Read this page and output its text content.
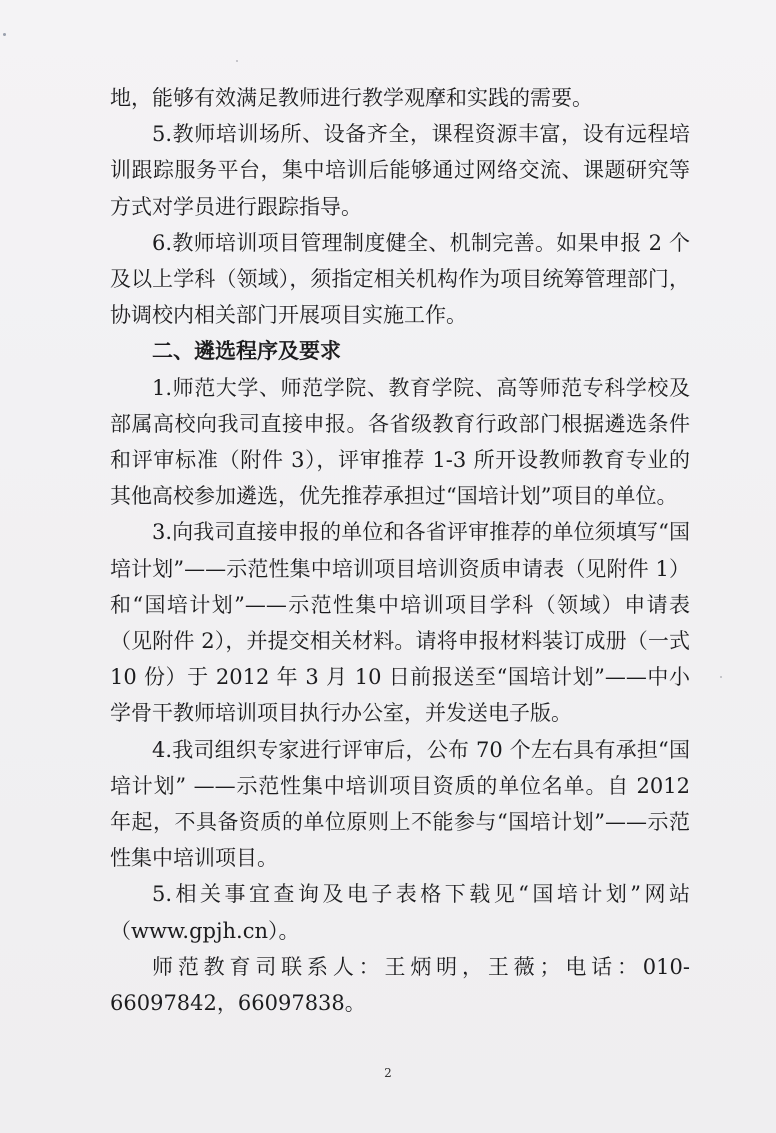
地，能够有效满足教师进行教学观摩和实践的需要。

5.教师培训场所、设备齐全，课程资源丰富，设有远程培训跟踪服务平台，集中培训后能够通过网络交流、课题研究等方式对学员进行跟踪指导。

6.教师培训项目管理制度健全、机制完善。如果申报 2 个及以上学科（领域），须指定相关机构作为项目统筹管理部门，协调校内相关部门开展项目实施工作。

二、遴选程序及要求

1.师范大学、师范学院、教育学院、高等师范专科学校及部属高校向我司直接申报。各省级教育行政部门根据遴选条件和评审标准（附件 3），评审推荐 1-3 所开设教师教育专业的其他高校参加遴选，优先推荐承担过“国培计划”项目的单位。

3.向我司直接申报的单位和各省评审推荐的单位须填写“国培计划”——示范性集中培训项目培训资质申请表（见附件 1）和“国培计划”——示范性集中培训项目学科（领域）申请表（见附件 2），并提交相关材料。请将申报材料装订成册（一式 10 份）于 2012 年 3 月 10 日前报送至“国培计划”——中小学骨干教师培训项目执行办公室，并发送电子版。

4.我司组织专家进行评审后，公布 70 个左右具有承担“国培计划” ——示范性集中培训项目资质的单位名单。自 2012 年起，不具备资质的单位原则上不能参与“国培计划”——示范性集中培训项目。

5.相关事宜查询及电子表格下载见“国培计划”网站（www.gpjh.cn）。

师范教育司联系人：王炳明，王薇；电话：010-66097842，66097838。

2
